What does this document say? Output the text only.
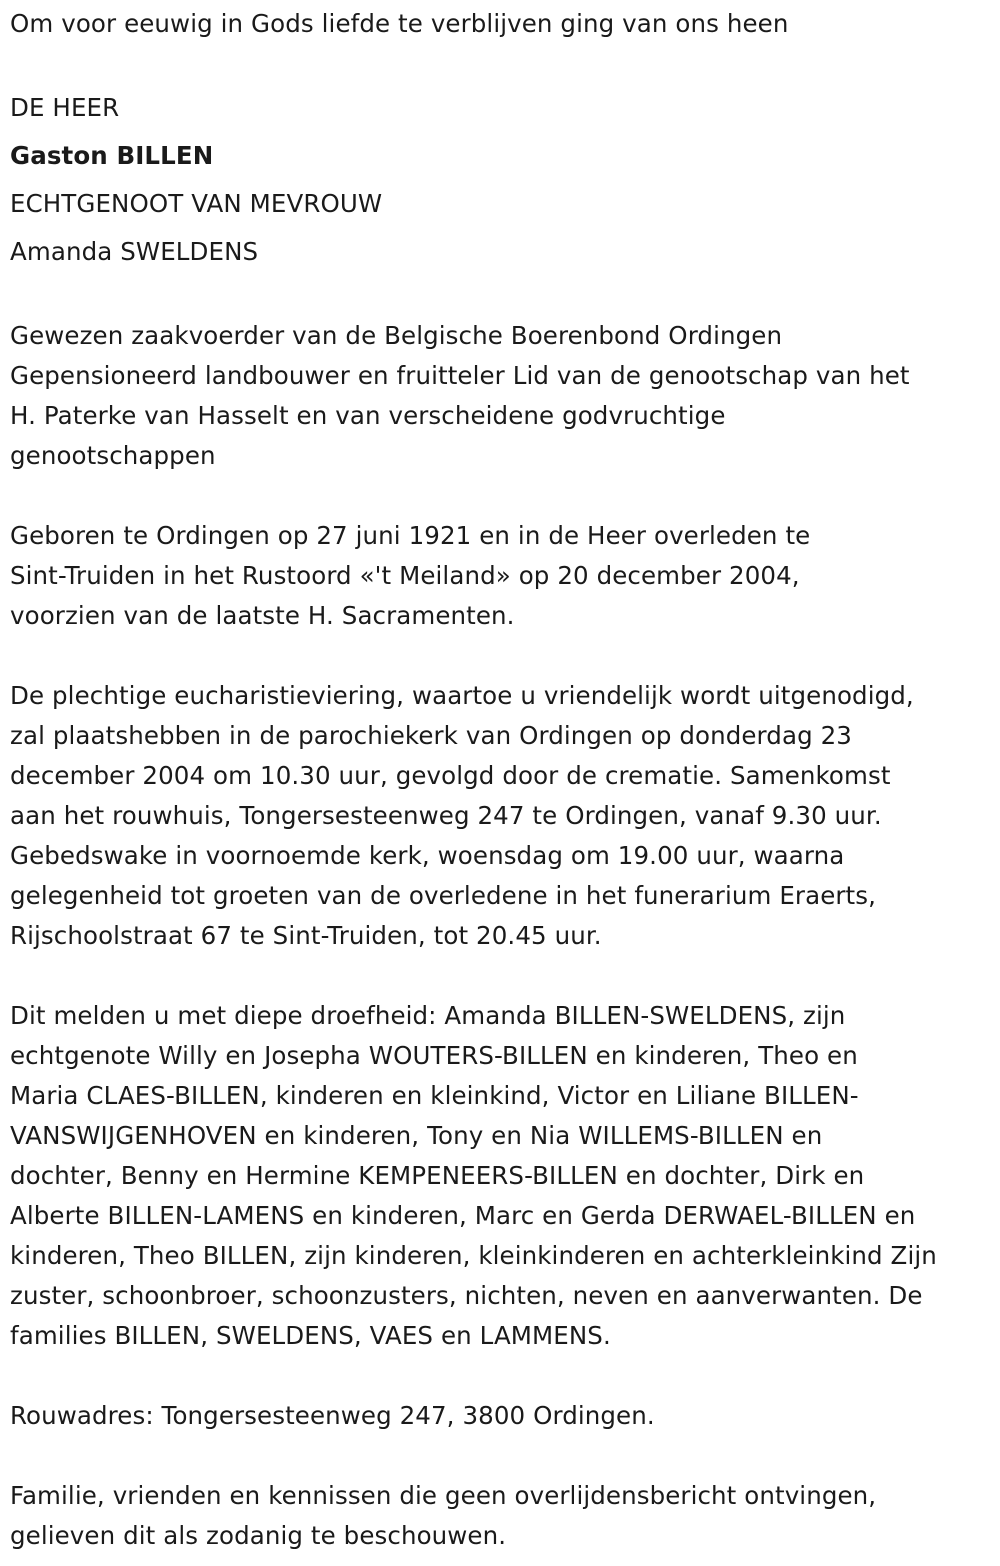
Om voor eeuwig in Gods liefde te verblijven ging van ons heen

DE HEER

Gaston BILLEN

ECHTGENOOT VAN MEVROUW

Amanda SWELDENS

Gewezen zaakvoerder van de Belgische Boerenbond Ordingen

Gepensioneerd landbouwer en fruitteler Lid van de genootschap van het

H. Paterke van Hasselt en van verscheidene godvruchtige

genootschappen

Geboren te Ordingen op 27 juni 1921 en in de Heer overleden te

Sint-Truiden in het Rustoord «'t Meiland» op 20 december 2004,

voorzien van de laatste H. Sacramenten.

De plechtige eucharistieviering, waartoe u vriendelijk wordt uitgenodigd,

zal plaatshebben in de parochiekerk van Ordingen op donderdag 23

december 2004 om 10.30 uur, gevolgd door de crematie. Samenkomst

aan het rouwhuis, Tongersesteenweg 247 te Ordingen, vanaf 9.30 uur.

Gebedswake in voornoemde kerk, woensdag om 19.00 uur, waarna

gelegenheid tot groeten van de overledene in het funerarium Eraerts,

Rijschoolstraat 67 te Sint-Truiden, tot 20.45 uur.

Dit melden u met diepe droefheid: Amanda BILLEN-SWELDENS, zijn

echtgenote Willy en Josepha WOUTERS-BILLEN en kinderen, Theo en

Maria CLAES-BILLEN, kinderen en kleinkind, Victor en Liliane BILLEN-

VANSWIJGENHOVEN en kinderen, Tony en Nia WILLEMS-BILLEN en

dochter, Benny en Hermine KEMPENEERS-BILLEN en dochter, Dirk en

Alberte BILLEN-LAMENS en kinderen, Marc en Gerda DERWAEL-BILLEN en

kinderen, Theo BILLEN, zijn kinderen, kleinkinderen en achterkleinkind Zijn

zuster, schoonbroer, schoonzusters, nichten, neven en aanverwanten. De

families BILLEN, SWELDENS, VAES en LAMMENS.

Rouwadres: Tongersesteenweg 247, 3800 Ordingen.

Familie, vrienden en kennissen die geen overlijdensbericht ontvingen,

gelieven dit als zodanig te beschouwen.
